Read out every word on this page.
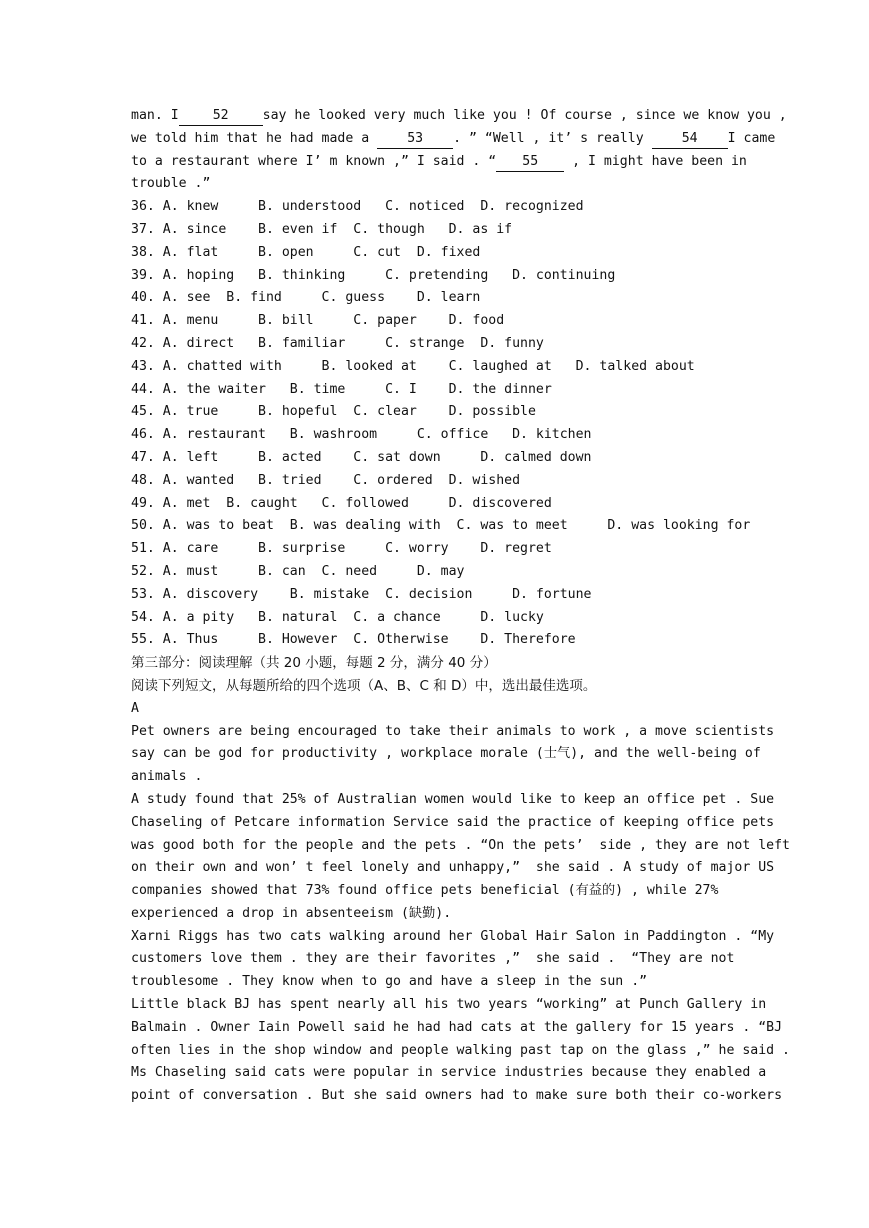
man. I	52	say he looked very much like you ! Of course , since we know you ,
we told him that he had made a 53 . ” “Well , it’ s really 54 I came
to a restaurant where I’ m known ,” I said . “ 55 , I might have been in
trouble .”
36. A. knew     B. understood   C. noticed  D. recognized
37. A. since    B. even if  C. though   D. as if
38. A. flat     B. open     C. cut  D. fixed
39. A. hoping   B. thinking     C. pretending   D. continuing
40. A. see  B. find     C. guess    D. learn
41. A. menu     B. bill     C. paper    D. food
42. A. direct   B. familiar     C. strange  D. funny
43. A. chatted with     B. looked at    C. laughed at   D. talked about
44. A. the waiter   B. time     C. I    D. the dinner
45. A. true     B. hopeful  C. clear    D. possible
46. A. restaurant   B. washroom     C. office   D. kitchen
47. A. left     B. acted    C. sat down     D. calmed down
48. A. wanted   B. tried    C. ordered  D. wished
49. A. met  B. caught   C. followed     D. discovered
50. A. was to beat  B. was dealing with  C. was to meet     D. was looking for
51. A. care     B. surprise     C. worry    D. regret
52. A. must     B. can  C. need     D. may
53. A. discovery    B. mistake  C. decision     D. fortune
54. A. a pity   B. natural  C. a chance     D. lucky
55. A. Thus     B. However  C. Otherwise    D. Therefore
第三部分：阅读理解（共 20 小题，每题 2 分，满分 40 分）
阅读下列短文，从每题所给的四个选项（A、B、C 和 D）中，选出最佳选项。
A
Pet owners are being encouraged to take their animals to work , a move scientists
say can be god for productivity , workplace morale (士气), and the well-being of
animals .
A study found that 25% of Australian women would like to keep an office pet . Sue
Chaseling of Petcare information Service said the practice of keeping office pets
was good both for the people and the pets . “On the pets’  side , they are not left
on their own and won’ t feel lonely and unhappy,”  she said . A study of major US
companies showed that 73% found office pets beneficial (有益的) , while 27%
experienced a drop in absenteeism (缺勤).
Xarni Riggs has two cats walking around her Global Hair Salon in Paddington . “My
customers love them . they are their favorites ,”  she said .  “They are not
troublesome . They know when to go and have a sleep in the sun .”
Little black BJ has spent nearly all his two years “working” at Punch Gallery in
Balmain . Owner Iain Powell said he had had cats at the gallery for 15 years . “BJ
often lies in the shop window and people walking past tap on the glass ,” he said .
Ms Chaseling said cats were popular in service industries because they enabled a
point of conversation . But she said owners had to make sure both their co-workers
